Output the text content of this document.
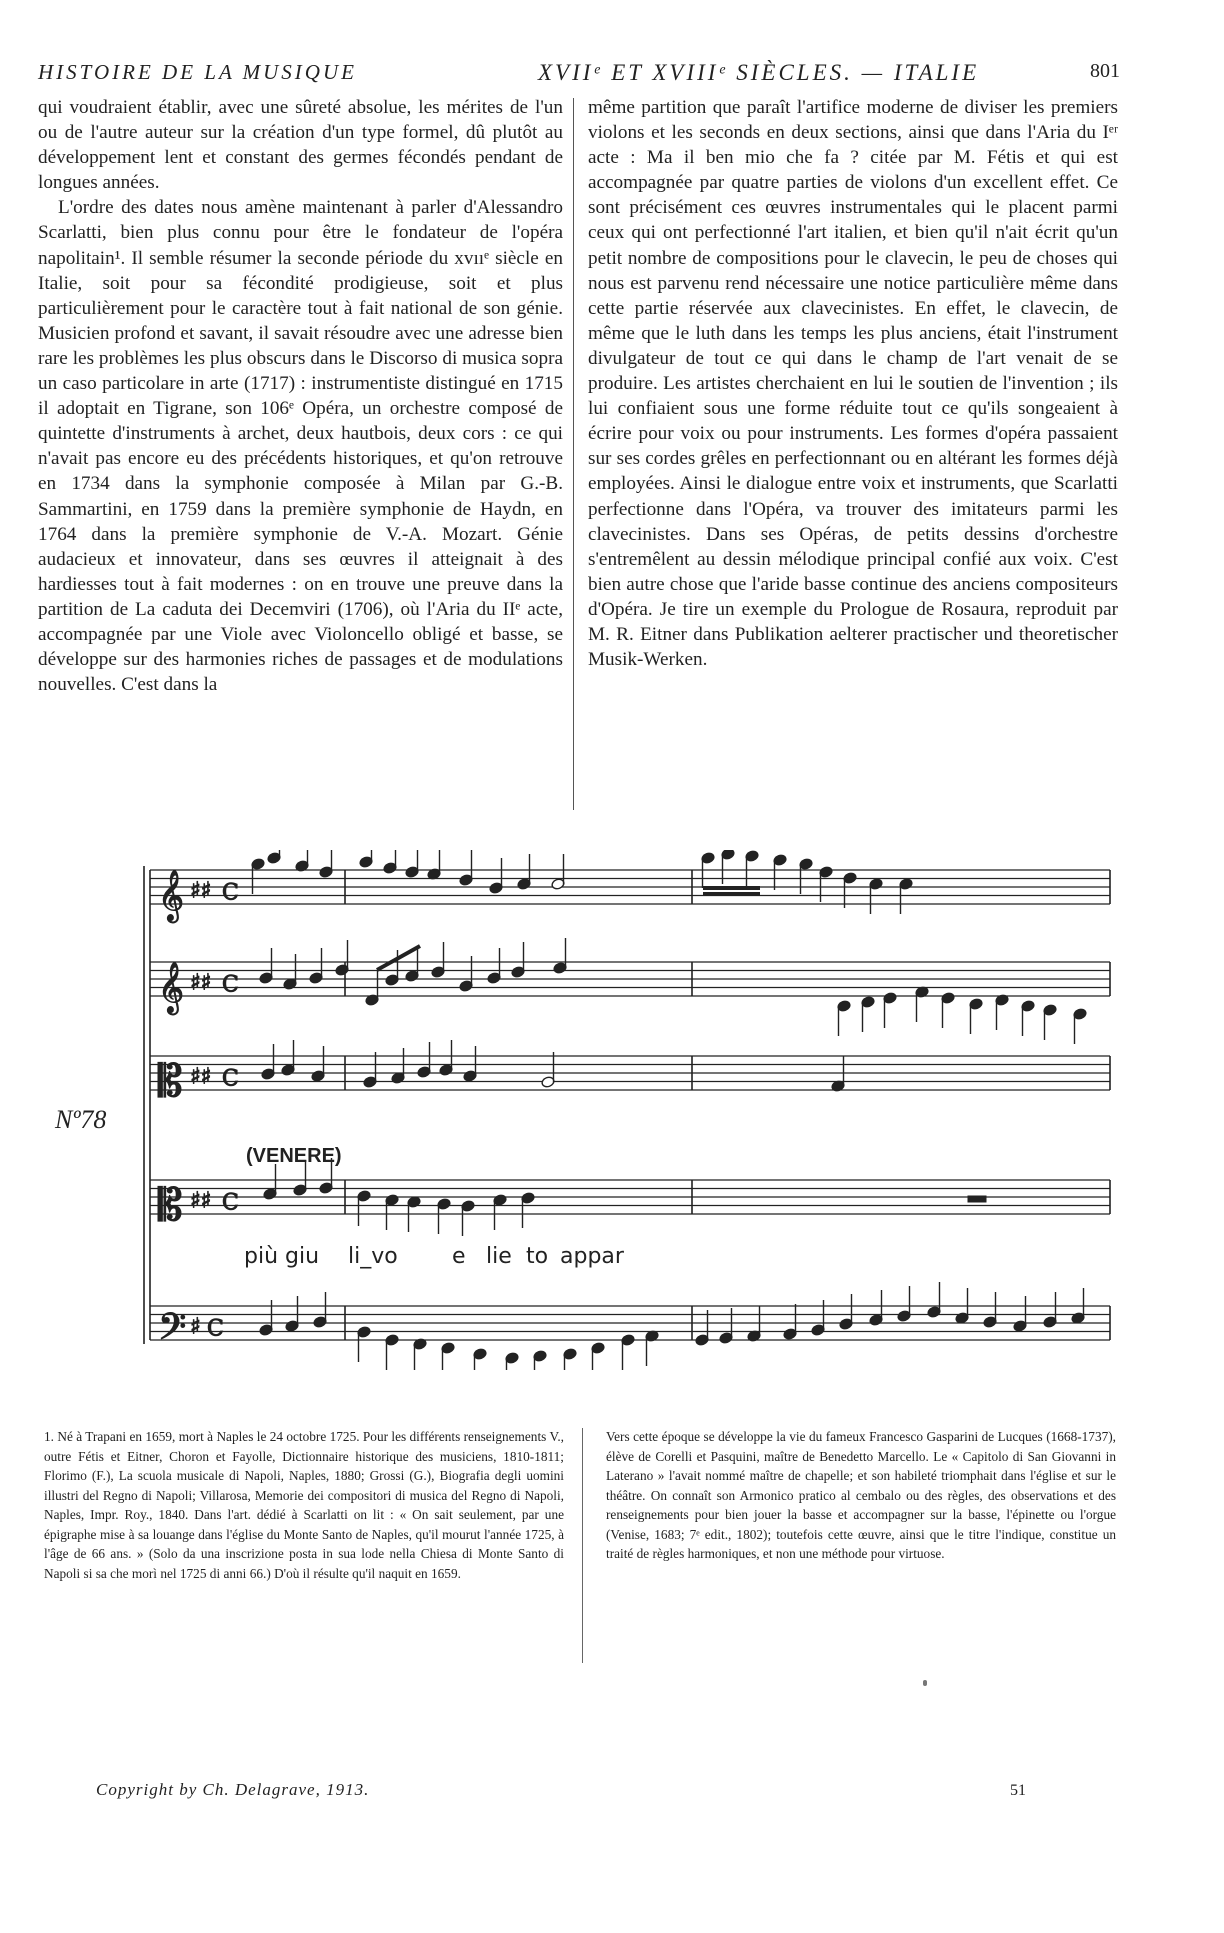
HISTOIRE DE LA MUSIQUE	XVIIᵉ ET XVIIIᵉ SIÈCLES. — ITALIE	801

qui voudraient établir, avec une sûreté absolue, les mérites de l'un ou de l'autre auteur sur la création d'un type formel, dû plutôt au développement lent et constant des germes fécondés pendant de longues années.

L'ordre des dates nous amène maintenant à parler d'Alessandro Scarlatti, bien plus connu pour être le fondateur de l'opéra napolitain¹. Il semble résumer la seconde période du xvııᵉ siècle en Italie, soit pour sa fécondité prodigieuse, soit et plus particulièrement pour le caractère tout à fait national de son génie. Musicien profond et savant, il savait résoudre avec une adresse bien rare les problèmes les plus obscurs dans le Discorso di musica sopra un caso particolare in arte (1717) : instrumentiste distingué en 1715 il adoptait en Tigrane, son 106ᵉ Opéra, un orchestre composé de quintette d'instruments à archet, deux hautbois, deux cors : ce qui n'avait pas encore eu des précédents historiques, et qu'on retrouve en 1734 dans la symphonie composée à Milan par G.-B. Sammartini, en 1759 dans la première symphonie de Haydn, en 1764 dans la première symphonie de V.-A. Mozart. Génie audacieux et innovateur, dans ses œuvres il atteignait à des hardiesses tout à fait modernes : on en trouve une preuve dans la partition de La caduta dei Decemviri (1706), où l'Aria du IIᵉ acte, accompagnée par une Viole avec Violoncello obligé et basse, se développe sur des harmonies riches de passages et de modulations nouvelles. C'est dans la

même partition que paraît l'artifice moderne de diviser les premiers violons et les seconds en deux sections, ainsi que dans l'Aria du Iᵉʳ acte : Ma il ben mio che fa ? citée par M. Fétis et qui est accompagnée par quatre parties de violons d'un excellent effet. Ce sont précisément ces œuvres instrumentales qui le placent parmi ceux qui ont perfectionné l'art italien, et bien qu'il n'ait écrit qu'un petit nombre de compositions pour le clavecin, le peu de choses qui nous est parvenu rend nécessaire une notice particulière même dans cette partie réservée aux clavecinistes. En effet, le clavecin, de même que le luth dans les temps les plus anciens, était l'instrument divulgateur de tout ce qui dans le champ de l'art venait de se produire. Les artistes cherchaient en lui le soutien de l'invention ; ils lui confiaient sous une forme réduite tout ce qu'ils songeaient à écrire pour voix ou pour instruments. Les formes d'opéra passaient sur ses cordes grêles en perfectionnant ou en altérant les formes déjà employées. Ainsi le dialogue entre voix et instruments, que Scarlatti perfectionne dans l'Opéra, va trouver des imitateurs parmi les clavecinistes. Dans ses Opéras, de petits dessins d'orchestre s'entremêlent au dessin mélodique principal confié aux voix. C'est bien autre chose que l'aride basse continue des anciens compositeurs d'Opéra. Je tire un exemple du Prologue de Rosaura, reproduit par M. R. Eitner dans Publikation aelterer practischer und theoretischer Musik-Werken.

𝄞 ♯♯ C
𝄞 ♯♯ C
𝄡 ♯♯ C
𝄡 ♯♯ C
𝄢 ♯ C
Nº78
(VENERE)
più giu li_vo e lie to appar

1. Né à Trapani en 1659, mort à Naples le 24 octobre 1725. Pour les différents renseignements V., outre Fétis et Eitner, Choron et Fayolle, Dictionnaire historique des musiciens, 1810-1811; Florimo (F.), La scuola musicale di Napoli, Naples, 1880; Grossi (G.), Biografia degli uomini illustri del Regno di Napoli; Villarosa, Memorie dei compositori di musica del Regno di Napoli, Naples, Impr. Roy., 1840. Dans l'art. dédié à Scarlatti on lit : « On sait seulement, par une épigraphe mise à sa louange dans l'église du Monte Santo de Naples, qu'il mourut l'année 1725, à l'âge de 66 ans. » (Solo da una inscrizione posta in sua lode nella Chiesa di Monte Santo di Napoli si sa che morì nel 1725 di anni 66.) D'où il résulte qu'il naquit en 1659.

Vers cette époque se développe la vie du fameux Francesco Gasparini de Lucques (1668-1737), élève de Corelli et Pasquini, maître de Benedetto Marcello. Le « Capitolo di San Giovanni in Laterano » l'avait nommé maître de chapelle; et son habileté triomphait dans l'église et sur le théâtre. On connaît son Armonico pratico al cembalo ou des règles, des observations et des renseignements pour bien jouer la basse et accompagner sur la basse, l'épinette ou l'orgue (Venise, 1683; 7ᵉ edit., 1802); toutefois cette œuvre, ainsi que le titre l'indique, constitue un traité de règles harmoniques, et non une méthode pour virtuose.

Copyright by Ch. Delagrave, 1913.	51
